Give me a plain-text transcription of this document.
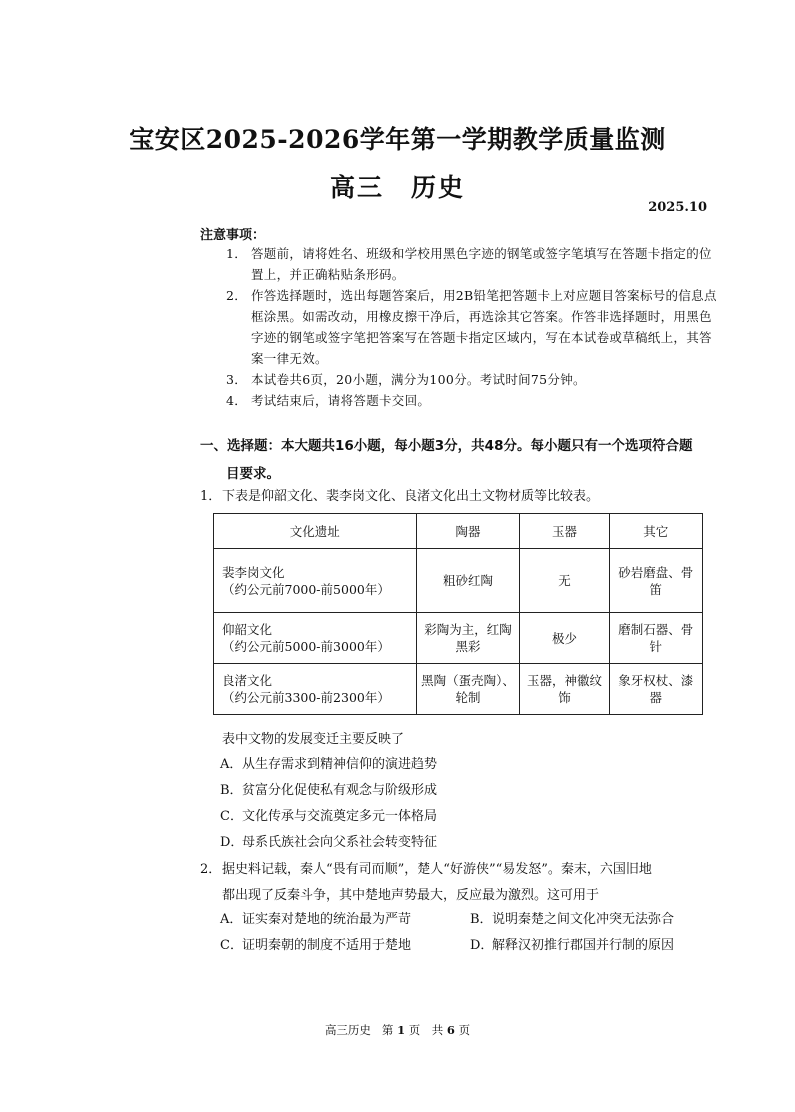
宝安区2025-2026学年第一学期教学质量监测
高三　历史
2025.10
注意事项：
1． 答题前，请将姓名、班级和学校用黑色字迹的钢笔或签字笔填写在答题卡指定的位置上，并正确粘贴条形码。
2． 作答选择题时，选出每题答案后，用2B铅笔把答题卡上对应题目答案标号的信息点框涂黑。如需改动，用橡皮擦干净后，再选涂其它答案。作答非选择题时，用黑色字迹的钢笔或签字笔把答案写在答题卡指定区域内，写在本试卷或草稿纸上，其答案一律无效。
3． 本试卷共6页，20小题，满分为100分。考试时间75分钟。
4． 考试结束后，请将答题卡交回。
一、选择题：本大题共16小题，每小题3分，共48分。每小题只有一个选项符合题
目要求。
1．下表是仰韶文化、裴李岗文化、良渚文化出土文物材质等比较表。
文化遗址	陶器	玉器	其它

裴李岗文化
（约公元前7000-前5000年）	粗砂红陶	无	砂岩磨盘、骨笛

仰韶文化
（约公元前5000-前3000年）	彩陶为主，红陶黑彩	极少	磨制石器、骨针

良渚文化
（约公元前3300-前2300年）	黑陶（蛋壳陶）、轮制	玉器，神徽纹饰	象牙权杖、漆器
表中文物的发展变迁主要反映了
A．从生存需求到精神信仰的演进趋势
B．贫富分化促使私有观念与阶级形成
C．文化传承与交流奠定多元一体格局
D．母系氏族社会向父系社会转变特征
2．据史料记载，秦人“畏有司而顺”，楚人“好游侠”“易发怒”。秦末，六国旧地
都出现了反秦斗争，其中楚地声势最大，反应最为激烈。这可用于
A．证实秦对楚地的统治最为严苛	B．说明秦楚之间文化冲突无法弥合
C．证明秦朝的制度不适用于楚地	D．解释汉初推行郡国并行制的原因
高三历史 第 1 页　共 6 页
